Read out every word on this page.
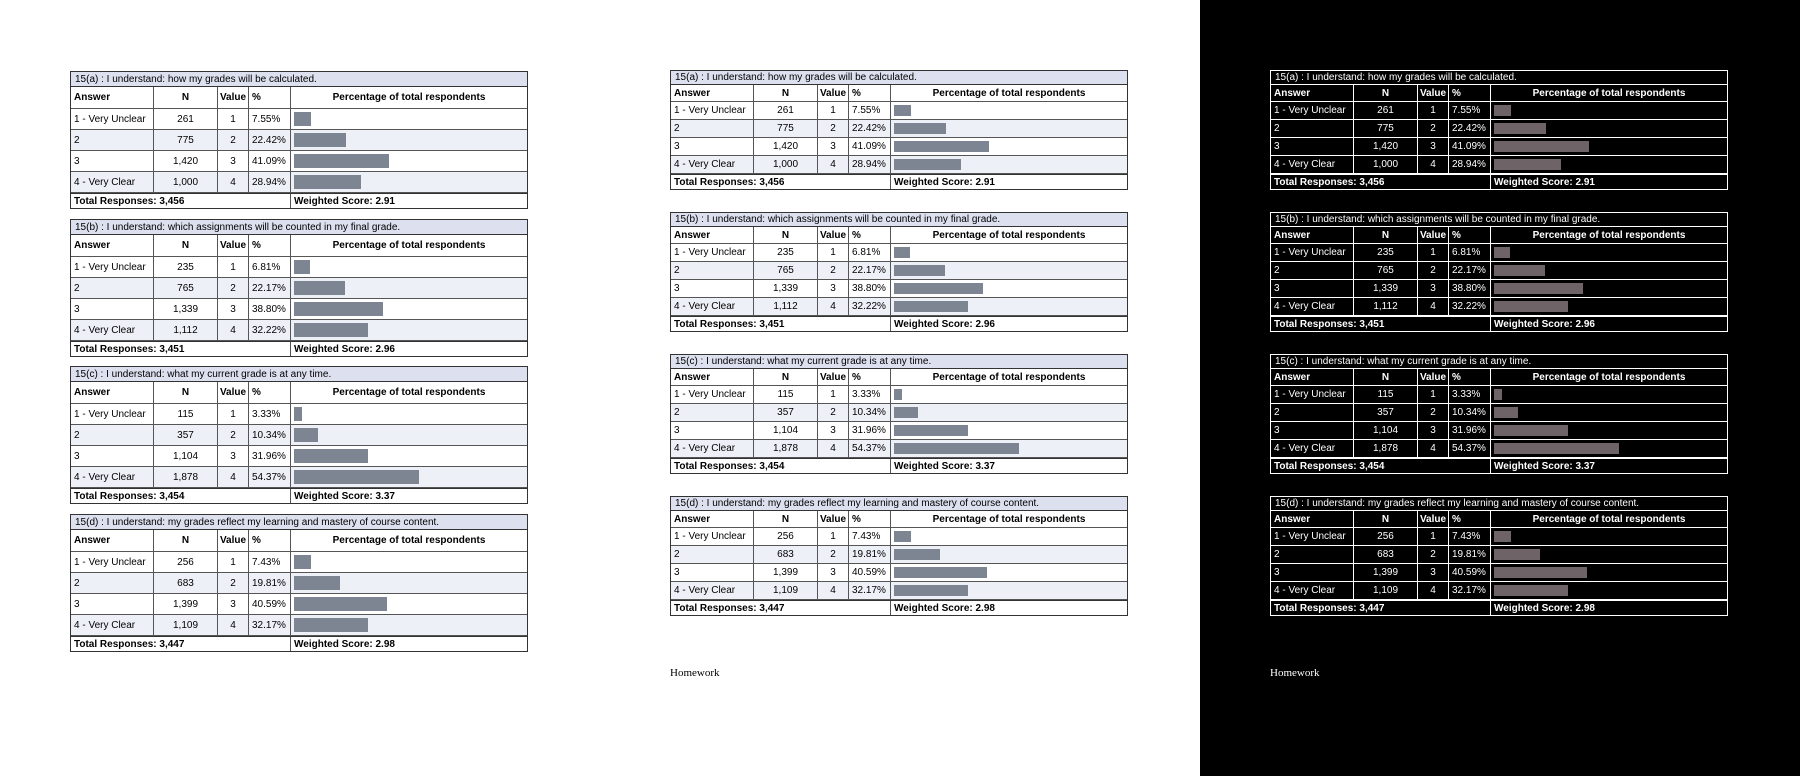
15(a) : I understand: how my grades will be calculated.
Answer	N	Value %	Percentage of total respondents
1 - Very Unclear	261	1	7.55%
2	775	2	22.42%
3	1,420	3	41.09%
4 - Very Clear	1,000	4	28.94%
Total Responses: 3,456	Weighted Score: 2.91
15(b) : I understand: which assignments will be counted in my final grade.
Answer	N	Value %	Percentage of total respondents
1 - Very Unclear	235	1	6.81%
2	765	2	22.17%
3	1,339	3	38.80%
4 - Very Clear	1,112	4	32.22%
Total Responses: 3,451	Weighted Score: 2.96
15(c) : I understand: what my current grade is at any time.
Answer	N	Value %	Percentage of total respondents
1 - Very Unclear	115	1	3.33%
2	357	2	10.34%
3	1,104	3	31.96%
4 - Very Clear	1,878	4	54.37%
Total Responses: 3,454	Weighted Score: 3.37
15(d) : I understand: my grades reflect my learning and mastery of course content.
Answer	N	Value %	Percentage of total respondents
1 - Very Unclear	256	1	7.43%
2	683	2	19.81%
3	1,399	3	40.59%
4 - Very Clear	1,109	4	32.17%
Total Responses: 3,447	Weighted Score: 2.98
15(a) : I understand: how my grades will be calculated.
Answer	N	Value %	Percentage of total respondents
1 - Very Unclear	261	1	7.55%
2	775	2	22.42%
3	1,420	3	41.09%
4 - Very Clear	1,000	4	28.94%
Total Responses: 3,456	Weighted Score: 2.91
15(b) : I understand: which assignments will be counted in my final grade.
Answer	N	Value %	Percentage of total respondents
1 - Very Unclear	235	1	6.81%
2	765	2	22.17%
3	1,339	3	38.80%
4 - Very Clear	1,112	4	32.22%
Total Responses: 3,451	Weighted Score: 2.96
15(c) : I understand: what my current grade is at any time.
Answer	N	Value %	Percentage of total respondents
1 - Very Unclear	115	1	3.33%
2	357	2	10.34%
3	1,104	3	31.96%
4 - Very Clear	1,878	4	54.37%
Total Responses: 3,454	Weighted Score: 3.37
15(d) : I understand: my grades reflect my learning and mastery of course content.
Answer	N	Value %	Percentage of total respondents
1 - Very Unclear	256	1	7.43%
2	683	2	19.81%
3	1,399	3	40.59%
4 - Very Clear	1,109	4	32.17%
Total Responses: 3,447	Weighted Score: 2.98
Homework
15(a) : I understand: how my grades will be calculated.
Answer	N	Value %	Percentage of total respondents
1 - Very Unclear	261	1	7.55%
2	775	2	22.42%
3	1,420	3	41.09%
4 - Very Clear	1,000	4	28.94%
Total Responses: 3,456	Weighted Score: 2.91
15(b) : I understand: which assignments will be counted in my final grade.
Answer	N	Value %	Percentage of total respondents
1 - Very Unclear	235	1	6.81%
2	765	2	22.17%
3	1,339	3	38.80%
4 - Very Clear	1,112	4	32.22%
Total Responses: 3,451	Weighted Score: 2.96
15(c) : I understand: what my current grade is at any time.
Answer	N	Value %	Percentage of total respondents
1 - Very Unclear	115	1	3.33%
2	357	2	10.34%
3	1,104	3	31.96%
4 - Very Clear	1,878	4	54.37%
Total Responses: 3,454	Weighted Score: 3.37
15(d) : I understand: my grades reflect my learning and mastery of course content.
Answer	N	Value %	Percentage of total respondents
1 - Very Unclear	256	1	7.43%
2	683	2	19.81%
3	1,399	3	40.59%
4 - Very Clear	1,109	4	32.17%
Total Responses: 3,447	Weighted Score: 2.98
Homework
